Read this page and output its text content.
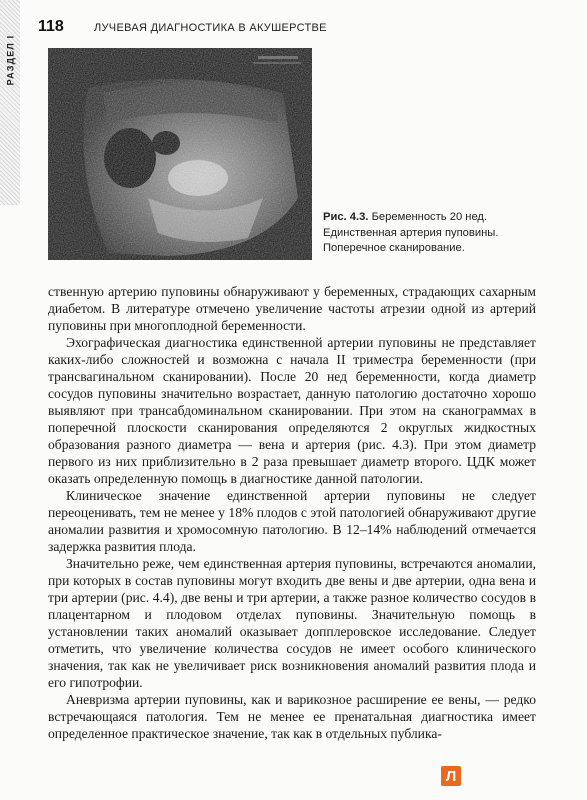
РАЗДЕЛ I
118	ЛУЧЕВАЯ ДИАГНОСТИКА В АКУШЕРСТВЕ
Рис. 4.3. Беременность 20 нед. Единственная артерия пуповины. Поперечное сканирование.

ственную артерию пуповины обнаруживают у беременных, страдающих сахарным диабетом. В литературе отмечено увеличение частоты атрезии одной из артерий пуповины при многоплодной беременности.

Эхографическая диагностика единственной артерии пуповины не представляет каких-либо сложностей и возможна с начала II триместра беременности (при трансвагинальном сканировании). После 20 нед беременности, когда диаметр сосудов пуповины значительно возрастает, данную патологию достаточно хорошо выявляют при трансабдоминальном сканировании. При этом на сканограммах в поперечной плоскости сканирования определяются 2 округлых жидкостных образования разного диаметра — вена и артерия (рис. 4.3). При этом диаметр первого из них приблизительно в 2 раза превышает диаметр второго. ЦДК может оказать определенную помощь в диагностике данной патологии.

Клиническое значение единственной артерии пуповины не следует переоценивать, тем не менее у 18% плодов с этой патологией обнаруживают другие аномалии развития и хромосомную патологию. В 12–14% наблюдений отмечается задержка развития плода.

Значительно реже, чем единственная артерия пуповины, встречаются аномалии, при которых в состав пуповины могут входить две вены и две артерии, одна вена и три артерии (рис. 4.4), две вены и три артерии, а также разное количество сосудов в плацентарном и плодовом отделах пуповины. Значительную помощь в установлении таких аномалий оказывает допплеровское исследование. Следует отметить, что увеличение количества сосудов не имеет особого клинического значения, так как не увеличивает риск возникновения аномалий развития плода и его гипотрофии.

Аневризма артерии пуповины, как и варикозное расширение ее вены, — редко встречающаяся патология. Тем не менее ее пренатальная диагностика имеет определенное практическое значение, так как в отдельных публика-

Л
